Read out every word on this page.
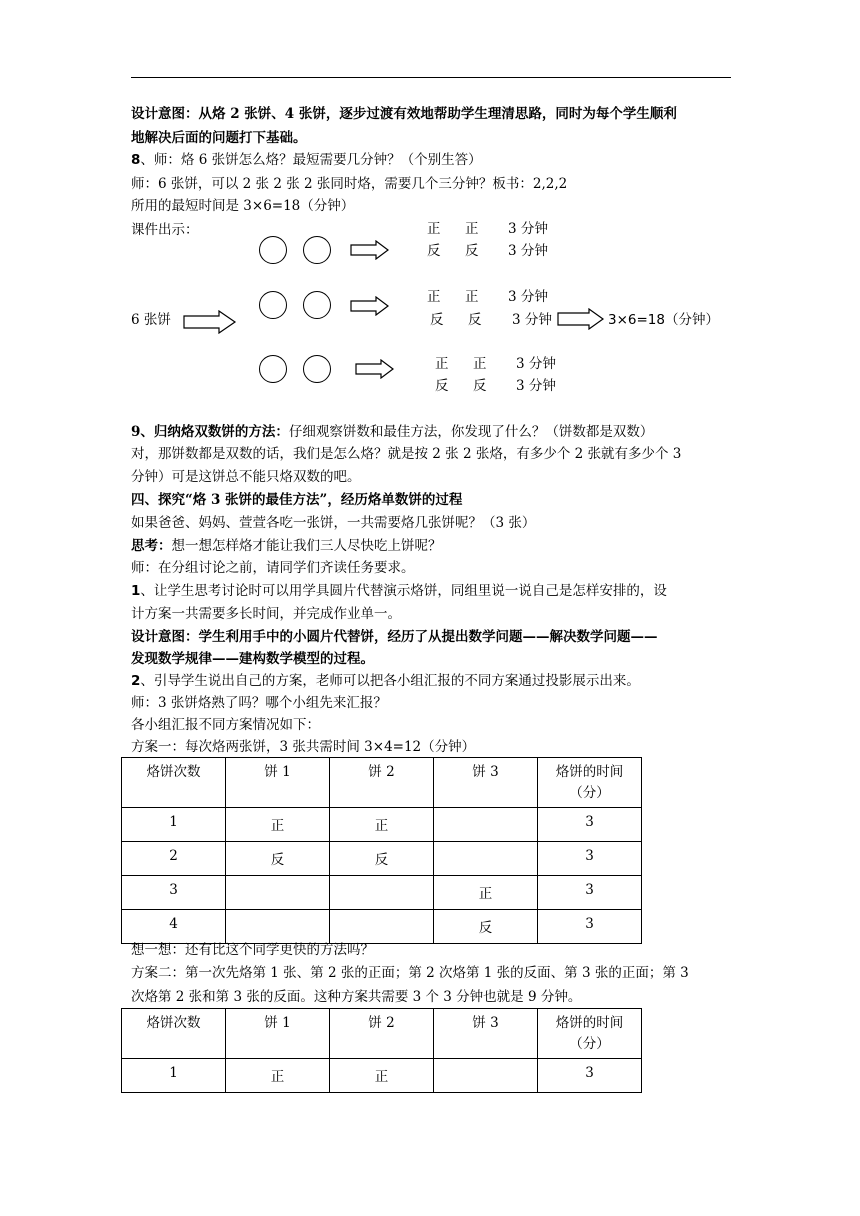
设计意图：从烙 2 张饼、4 张饼，逐步过渡有效地帮助学生理清思路，同时为每个学生顺利
地解决后面的问题打下基础。
8、师：烙 6 张饼怎么烙？最短需要几分钟？（个别生答）
师：6 张饼，可以 2 张 2 张 2 张同时烙，需要几个三分钟？板书：2,2,2
所用的最短时间是 3×6=18（分钟）
课件出示：
6 张饼
正 正 3 分钟
反 反 3 分钟
正 正 3 分钟
反 反 3 分钟	3×6=18（分钟）
正 正 3 分钟
反 反 3 分钟
9、归纳烙双数饼的方法：仔细观察饼数和最佳方法，你发现了什么？（饼数都是双数）
对，那饼数都是双数的话，我们是怎么烙？就是按 2 张 2 张烙，有多少个 2 张就有多少个 3
分钟）可是这饼总不能只烙双数的吧。
四、探究“烙 3 张饼的最佳方法”，经历烙单数饼的过程
如果爸爸、妈妈、萱萱各吃一张饼，一共需要烙几张饼呢？（3 张）
思考：想一想怎样烙才能让我们三人尽快吃上饼呢？
师：在分组讨论之前，请同学们齐读任务要求。
1、让学生思考讨论时可以用学具圆片代替演示烙饼，同组里说一说自己是怎样安排的，设
计方案一共需要多长时间，并完成作业单一。
设计意图：学生利用手中的小圆片代替饼，经历了从提出数学问题——解决数学问题——
发现数学规律——建构数学模型的过程。
2、引导学生说出自己的方案，老师可以把各小组汇报的不同方案通过投影展示出来。
师：3 张饼烙熟了吗？哪个小组先来汇报？
各小组汇报不同方案情况如下：
方案一：每次烙两张饼，3 张共需时间 3×4=12（分钟）
烙饼次数	饼 1	饼 2	饼 3	烙饼的时间
（分）

1	正	正		3
2	反	反		3
3			正	3
4			反	3
想一想：还有比这个同学更快的方法吗？
方案二：第一次先烙第 1 张、第 2 张的正面；第 2 次烙第 1 张的反面、第 3 张的正面；第 3
次烙第 2 张和第 3 张的反面。这种方案共需要 3 个 3 分钟也就是 9 分钟。
烙饼次数	饼 1	饼 2	饼 3	烙饼的时间
（分）

1	正	正		3
